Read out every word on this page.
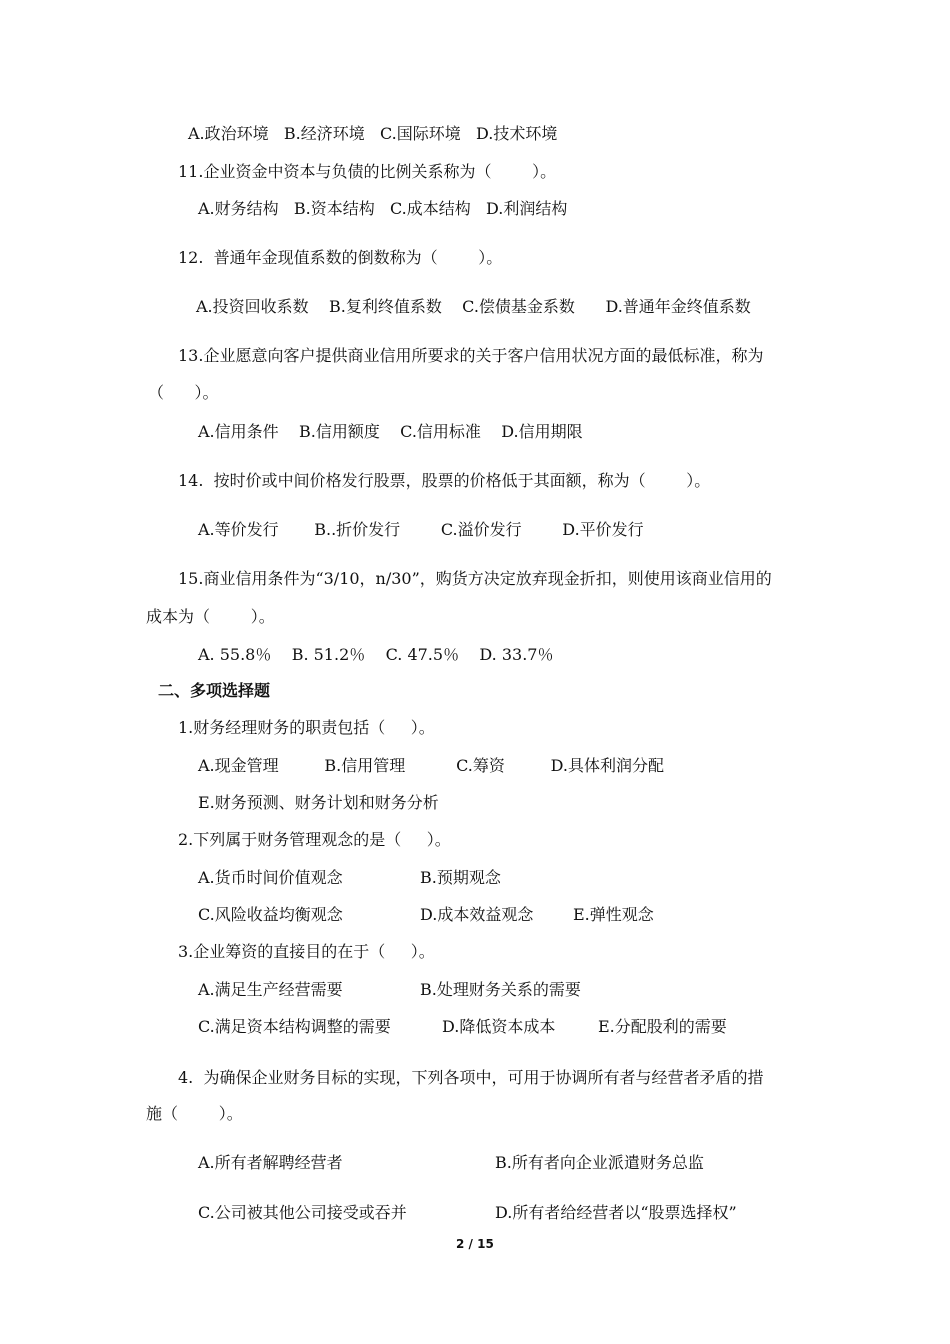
A.政治环境   B.经济环境   C.国际环境   D.技术环境
11.企业资金中资本与负债的比例关系称为（        ）。
A.财务结构   B.资本结构   C.成本结构   D.利润结构
12.  普通年金现值系数的倒数称为（        ）。
A.投资回收系数    B.复利终值系数    C.偿债基金系数      D.普通年金终值系数
13.企业愿意向客户提供商业信用所要求的关于客户信用状况方面的最低标准，称为
（      ）。
A.信用条件    B.信用额度    C.信用标准    D.信用期限
14.  按时价或中间价格发行股票，股票的价格低于其面额，称为（        ）。
A.等价发行       B..折价发行        C.溢价发行        D.平价发行
15.商业信用条件为“3/10，n/30”，购货方决定放弃现金折扣，则使用该商业信用的
成本为（        ）。
A. 55.8％    B. 51.2％    C. 47.5％    D. 33.7％
二、多项选择题
1.财务经理财务的职责包括（     ）。
A.现金管理         B.信用管理          C.筹资         D.具体利润分配
E.财务预测、财务计划和财务分析
2.下列属于财务管理观念的是（     ）。
A.货币时间价值观念	B.预期观念
C.风险收益均衡观念	D.成本效益观念 E.弹性观念
3.企业筹资的直接目的在于（     ）。
A.满足生产经营需要	B.处理财务关系的需要
C.满足资本结构调整的需要	D.降低资本成本	E.分配股利的需要
4.  为确保企业财务目标的实现，下列各项中，可用于协调所有者与经营者矛盾的措
施（        ）。
A.所有者解聘经营者	B.所有者向企业派遣财务总监
C.公司被其他公司接受或吞并	D.所有者给经营者以“股票选择权”
2 / 15
